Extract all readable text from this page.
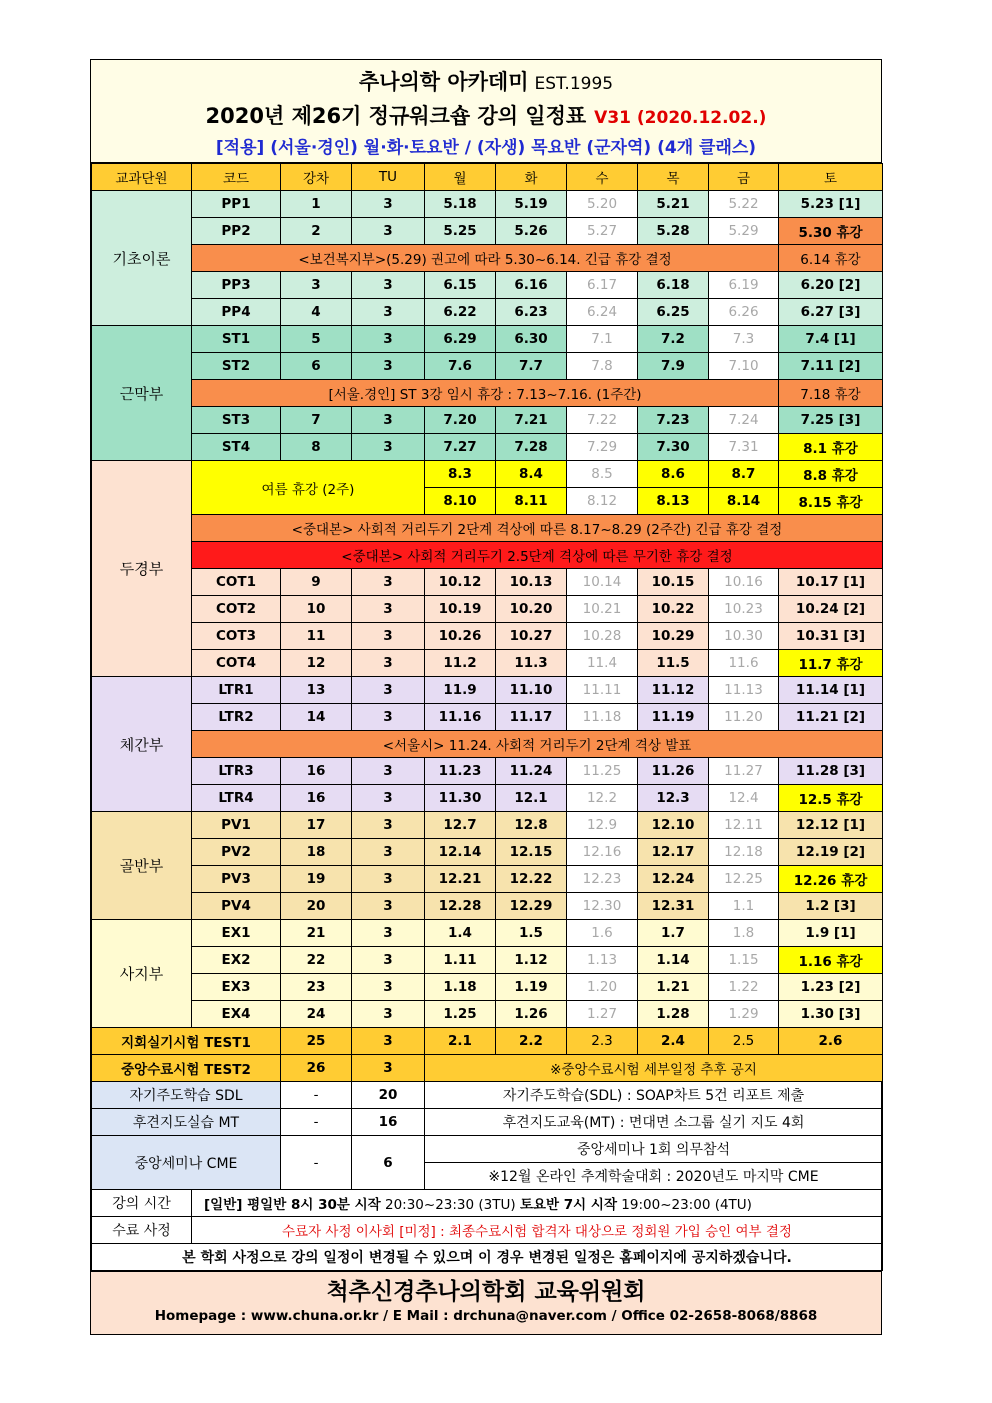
추나의학 아카데미 EST.1995
2020년 제26기 정규워크숍 강의 일정표 V31 (2020.12.02.)
[적용] (서울·경인) 월·화·토요반 / (자생) 목요반 (군자역) (4개 클래스)
교과단원	코드	강차	TU	월	화	수	목	금	토
기초이론	PP1	1	3	5.18	5.19	5.20	5.21	5.22	5.23 [1]
	PP2	2	3	5.25	5.26	5.27	5.28	5.29	5.30 휴강
	<보건복지부>(5.29) 권고에 따라 5.30~6.14. 긴급 휴강 결정								6.14 휴강
	PP3	3	3	6.15	6.16	6.17	6.18	6.19	6.20 [2]
	PP4	4	3	6.22	6.23	6.24	6.25	6.26	6.27 [3]
근막부	ST1	5	3	6.29	6.30	7.1	7.2	7.3	7.4 [1]
	ST2	6	3	7.6	7.7	7.8	7.9	7.10	7.11 [2]
	[서울.경인] ST 3강 임시 휴강 : 7.13~7.16. (1주간)								7.18 휴강
	ST3	7	3	7.20	7.21	7.22	7.23	7.24	7.25 [3]
	ST4	8	3	7.27	7.28	7.29	7.30	7.31	8.1 휴강
두경부	여름 휴강 (2주)			8.3	8.4	8.5	8.6	8.7	8.8 휴강
				8.10	8.11	8.12	8.13	8.14	8.15 휴강
	<중대본> 사회적 거리두기 2단계 격상에 따른 8.17~8.29 (2주간) 긴급 휴강 결정								
	<중대본> 사회적 거리두기 2.5단계 격상에 따른 무기한 휴강 결정								
	COT1	9	3	10.12	10.13	10.14	10.15	10.16	10.17 [1]
	COT2	10	3	10.19	10.20	10.21	10.22	10.23	10.24 [2]
	COT3	11	3	10.26	10.27	10.28	10.29	10.30	10.31 [3]
	COT4	12	3	11.2	11.3	11.4	11.5	11.6	11.7 휴강
체간부	LTR1	13	3	11.9	11.10	11.11	11.12	11.13	11.14 [1]
	LTR2	14	3	11.16	11.17	11.18	11.19	11.20	11.21 [2]
	<서울시> 11.24. 사회적 거리두기 2단계 격상 발표								
	LTR3	16	3	11.23	11.24	11.25	11.26	11.27	11.28 [3]
	LTR4	16	3	11.30	12.1	12.2	12.3	12.4	12.5 휴강
골반부	PV1	17	3	12.7	12.8	12.9	12.10	12.11	12.12 [1]
	PV2	18	3	12.14	12.15	12.16	12.17	12.18	12.19 [2]
	PV3	19	3	12.21	12.22	12.23	12.24	12.25	12.26 휴강
	PV4	20	3	12.28	12.29	12.30	12.31	1.1	1.2 [3]
사지부	EX1	21	3	1.4	1.5	1.6	1.7	1.8	1.9 [1]
	EX2	22	3	1.11	1.12	1.13	1.14	1.15	1.16 휴강
	EX3	23	3	1.18	1.19	1.20	1.21	1.22	1.23 [2]
	EX4	24	3	1.25	1.26	1.27	1.28	1.29	1.30 [3]
지회실기시험 TEST1		25	3	2.1	2.2	2.3	2.4	2.5	2.6
중앙수료시험 TEST2		26	3	※중앙수료시험 세부일정 추후 공지					
자기주도학습 SDL		-	20	자기주도학습(SDL) : SOAP차트 5건 리포트 제출					
후견지도실습 MT		-	16	후견지도교육(MT) : 면대면 소그룹 실기 지도 4회					
중앙세미나 CME		-	6	중앙세미나 1회 의무참석					
				※12월 온라인 추계학술대회 : 2020년도 마지막 CME					
강의 시간	[일반] 평일반 8시 30분 시작 20:30~23:30 (3TU) 토요반 7시 시작 19:00~23:00 (4TU)								
수료 사정	수료자 사정 이사회 [미정] : 최종수료시험 합격자 대상으로 정회원 가입 승인 여부 결정								
본 학회 사정으로 강의 일정이 변경될 수 있으며 이 경우 변경된 일정은 홈페이지에 공지하겠습니다.									
척추신경추나의학회 교육위원회
Homepage : www.chuna.or.kr / E Mail : drchuna@naver.com / Office 02-2658-8068/8868
